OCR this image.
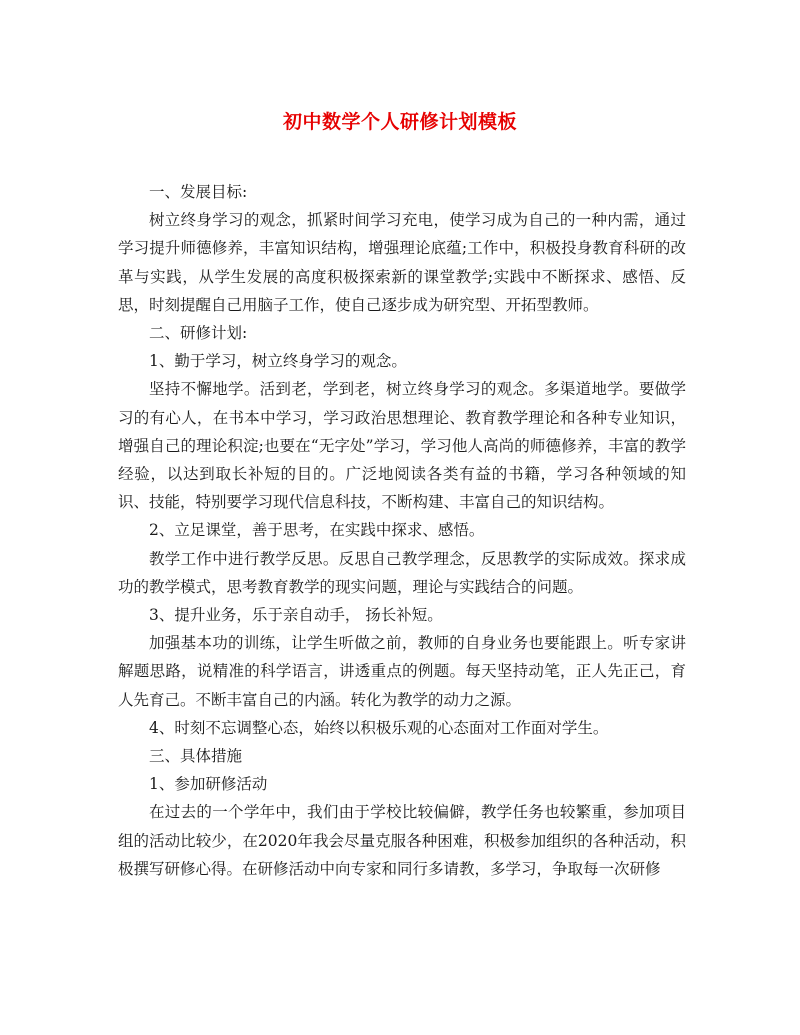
初中数学个人研修计划模板

一、发展目标:

树立终身学习的观念，抓紧时间学习充电，使学习成为自己的一种内需，通过学习提升师德修养，丰富知识结构，增强理论底蕴;工作中，积极投身教育科研的改革与实践，从学生发展的高度积极探索新的课堂教学;实践中不断探求、感悟、反思，时刻提醒自己用脑子工作，使自己逐步成为研究型、开拓型教师。

二、研修计划:

1、勤于学习，树立终身学习的观念。

坚持不懈地学。活到老，学到老，树立终身学习的观念。多渠道地学。要做学习的有心人，在书本中学习，学习政治思想理论、教育教学理论和各种专业知识，增强自己的理论积淀;也要在“无字处”学习，学习他人高尚的师德修养，丰富的教学经验，以达到取长补短的目的。广泛地阅读各类有益的书籍，学习各种领域的知识、技能，特别要学习现代信息科技，不断构建、丰富自己的知识结构。

2、立足课堂，善于思考，在实践中探求、感悟。

教学工作中进行教学反思。反思自己教学理念，反思教学的实际成效。探求成功的教学模式，思考教育教学的现实问题，理论与实践结合的问题。

3、提升业务，乐于亲自动手， 扬长补短。

加强基本功的训练，让学生听做之前，教师的自身业务也要能跟上。听专家讲解题思路，说精准的科学语言，讲透重点的例题。每天坚持动笔，正人先正己，育人先育己。不断丰富自己的内涵。转化为教学的动力之源。

4、时刻不忘调整心态，始终以积极乐观的心态面对工作面对学生。

三、具体措施

1、参加研修活动

在过去的一个学年中，我们由于学校比较偏僻，教学任务也较繁重，参加项目组的活动比较少，在2020年我会尽量克服各种困难，积极参加组织的各种活动，积极撰写研修心得。在研修活动中向专家和同行多请教，多学习，争取每一次研修
